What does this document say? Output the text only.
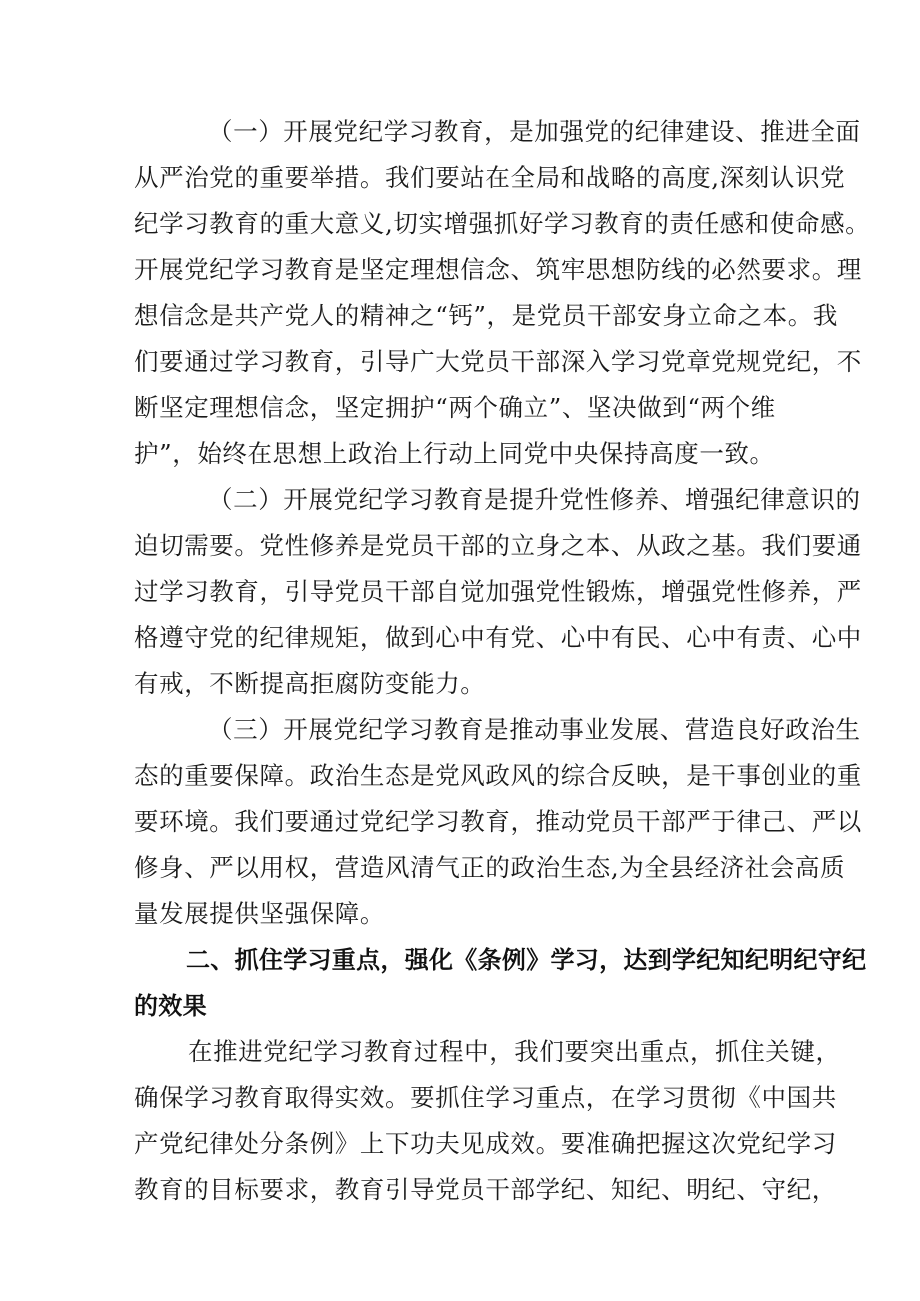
（一）开展党纪学习教育，是加强党的纪律建设、推进全面
从严治党的重要举措。我们要站在全局和战略的高度,深刻认识党
纪学习教育的重大意义,切实增强抓好学习教育的责任感和使命感。
开展党纪学习教育是坚定理想信念、筑牢思想防线的必然要求。理
想信念是共产党人的精神之“钙”，是党员干部安身立命之本。我
们要通过学习教育，引导广大党员干部深入学习党章党规党纪，不
断坚定理想信念，坚定拥护“两个确立”、坚决做到“两个维
护”，始终在思想上政治上行动上同党中央保持高度一致。
（二）开展党纪学习教育是提升党性修养、增强纪律意识的
迫切需要。党性修养是党员干部的立身之本、从政之基。我们要通
过学习教育，引导党员干部自觉加强党性锻炼，增强党性修养，严
格遵守党的纪律规矩，做到心中有党、心中有民、心中有责、心中
有戒，不断提高拒腐防变能力。
（三）开展党纪学习教育是推动事业发展、营造良好政治生
态的重要保障。政治生态是党风政风的综合反映，是干事创业的重
要环境。我们要通过党纪学习教育，推动党员干部严于律己、严以
修身、严以用权，营造风清气正的政治生态,为全县经济社会高质
量发展提供坚强保障。
二、抓住学习重点，强化《条例》学习，达到学纪知纪明纪守纪
的效果
在推进党纪学习教育过程中，我们要突出重点，抓住关键，
确保学习教育取得实效。要抓住学习重点，在学习贯彻《中国共
产党纪律处分条例》上下功夫见成效。要准确把握这次党纪学习
教育的目标要求，教育引导党员干部学纪、知纪、明纪、守纪，
